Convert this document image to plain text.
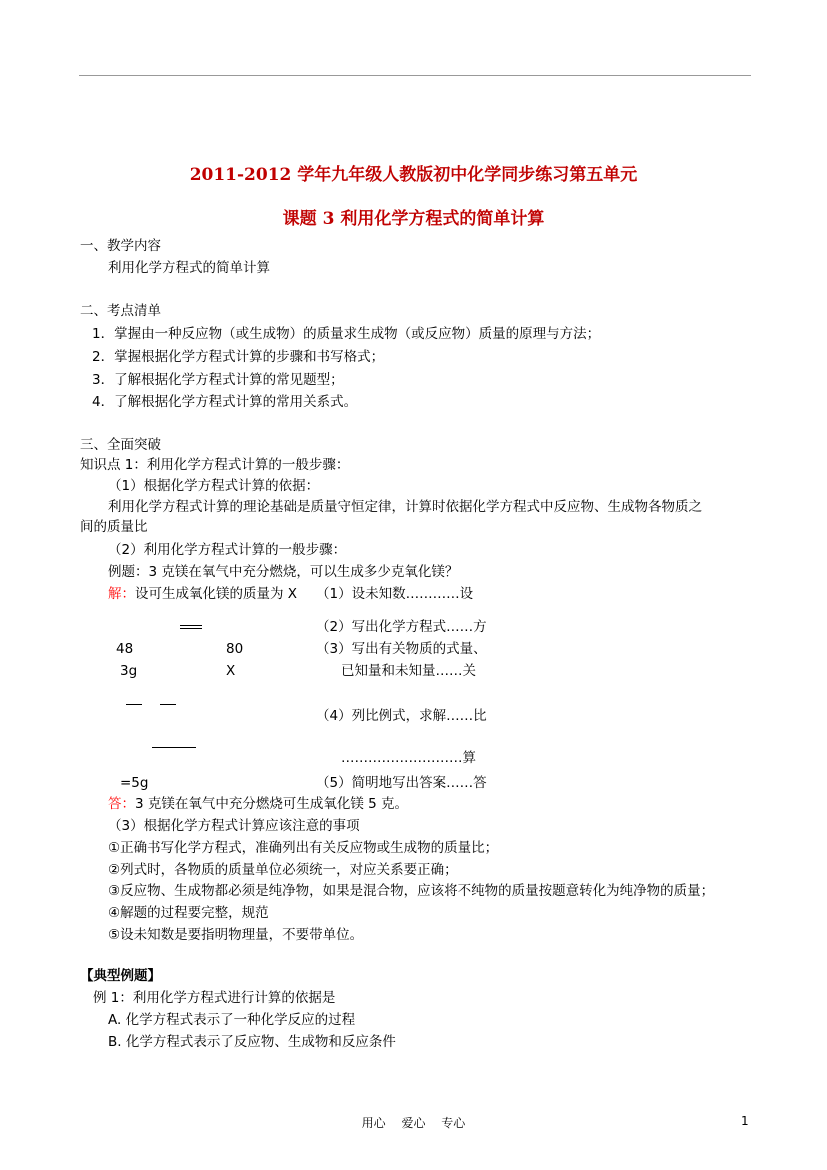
2011-2012 学年九年级人教版初中化学同步练习第五单元
课题 3 利用化学方程式的简单计算
一、教学内容
利用化学方程式的简单计算
二、考点清单
1．掌握由一种反应物（或生成物）的质量求生成物（或反应物）质量的原理与方法；
2．掌握根据化学方程式计算的步骤和书写格式；
3．了解根据化学方程式计算的常见题型；
4．了解根据化学方程式计算的常用关系式。
三、全面突破
知识点 1：利用化学方程式计算的一般步骤：
（1）根据化学方程式计算的依据：
利用化学方程式计算的理论基础是质量守恒定律，计算时依据化学方程式中反应物、生成物各物质之
间的质量比
（2）利用化学方程式计算的一般步骤：
例题：3 克镁在氧气中充分燃烧，可以生成多少克氧化镁？
解：设可生成氧化镁的质量为 X （1）设未知数…………设
（2）写出化学方程式……方
48	80	（3）写出有关物质的式量、
3g	X	已知量和未知量……关
（4）列比例式，求解……比
………………………算
=5g	（5）简明地写出答案……答
答：3 克镁在氧气中充分燃烧可生成氧化镁 5 克。
（3）根据化学方程式计算应该注意的事项
①正确书写化学方程式，准确列出有关反应物或生成物的质量比；
②列式时，各物质的质量单位必须统一，对应关系要正确；
③反应物、生成物都必须是纯净物，如果是混合物，应该将不纯物的质量按题意转化为纯净物的质量；
④解题的过程要完整，规范
⑤设未知数是要指明物理量，不要带单位。
【典型例题】
例 1：利用化学方程式进行计算的依据是
A. 化学方程式表示了一种化学反应的过程
B. 化学方程式表示了反应物、生成物和反应条件
用心　 爱心　 专心	1
